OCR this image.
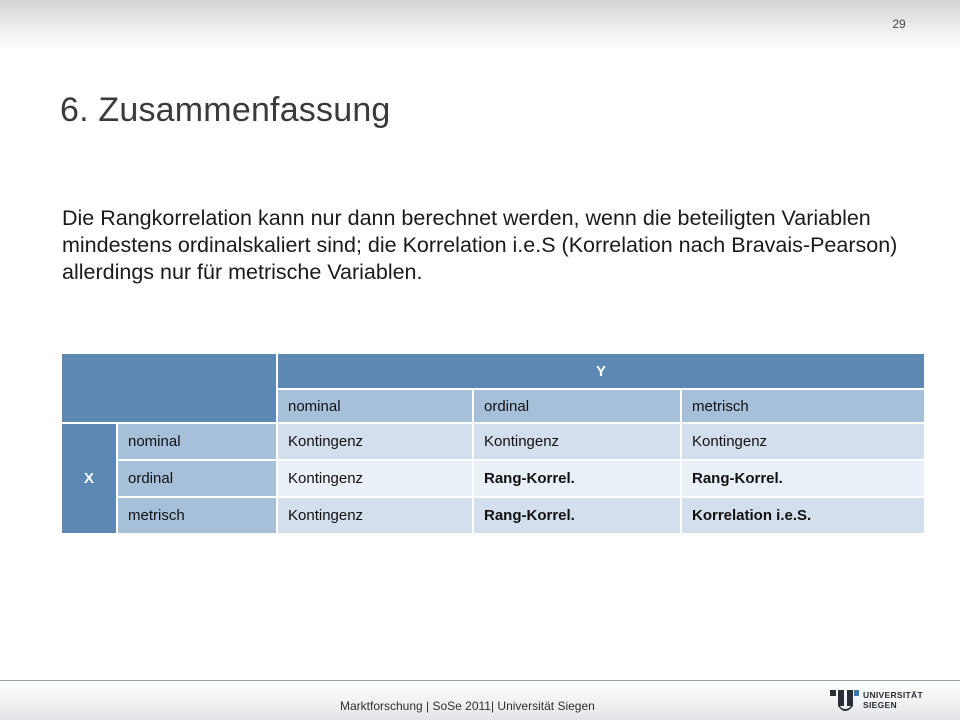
29
6. Zusammenfassung

Die Rangkorrelation kann nur dann berechnet werden, wenn die beteiligten Variablen mindestens ordinalskaliert sind; die Korrelation i.e.S (Korrelation nach Bravais-Pearson) allerdings nur für metrische Variablen.

		Y		
		nominal	ordinal	metrisch
X	nominal	Kontingenz	Kontingenz	Kontingenz
	ordinal	Kontingenz	Rang-Korrel.	Rang-Korrel.
	metrisch	Kontingenz	Rang-Korrel.	Korrelation i.e.S.
Marktforschung | SoSe 2011| Universität Siegen
UNIVERSITÄT
SIEGEN
